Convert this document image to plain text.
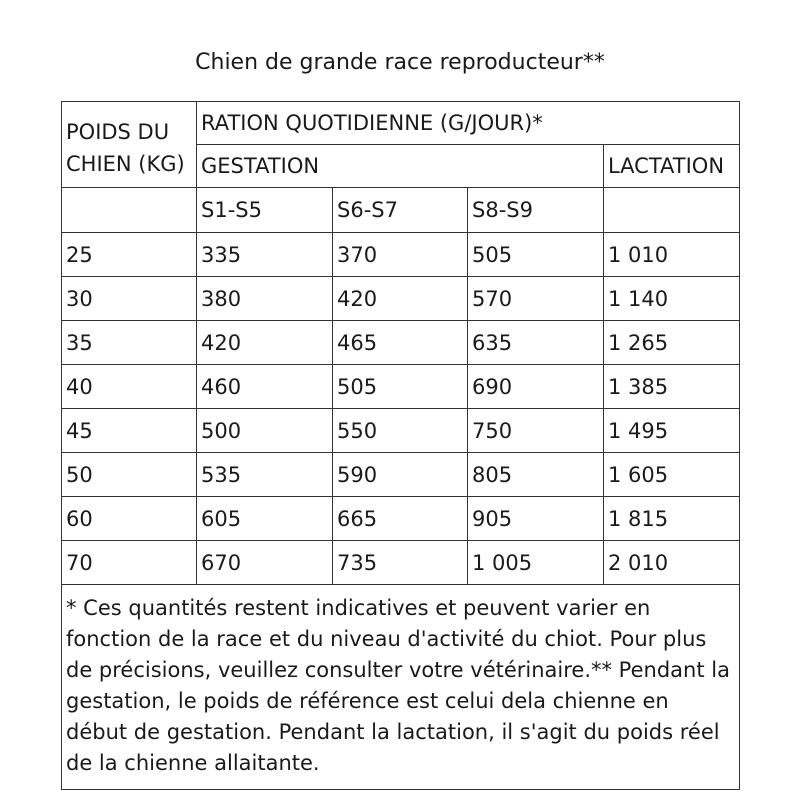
Chien de grande race reproducteur**
POIDS DU CHIEN (KG)	RATION QUOTIDIENNE (G/JOUR)*			
	GESTATION			LACTATION
	S1-S5	S6-S7	S8-S9	
25	335	370	505	1 010
30	380	420	570	1 140
35	420	465	635	1 265
40	460	505	690	1 385
45	500	550	750	1 495
50	535	590	805	1 605
60	605	665	905	1 815
70	670	735	1 005	2 010
* Ces quantités restent indicatives et peuvent varier en fonction de la race et du niveau d'activité du chiot. Pour plus de précisions, veuillez consulter votre vétérinaire.** Pendant la gestation, le poids de référence est celui dela chienne en début de gestation. Pendant la lactation, il s'agit du poids réel de la chienne allaitante.				
